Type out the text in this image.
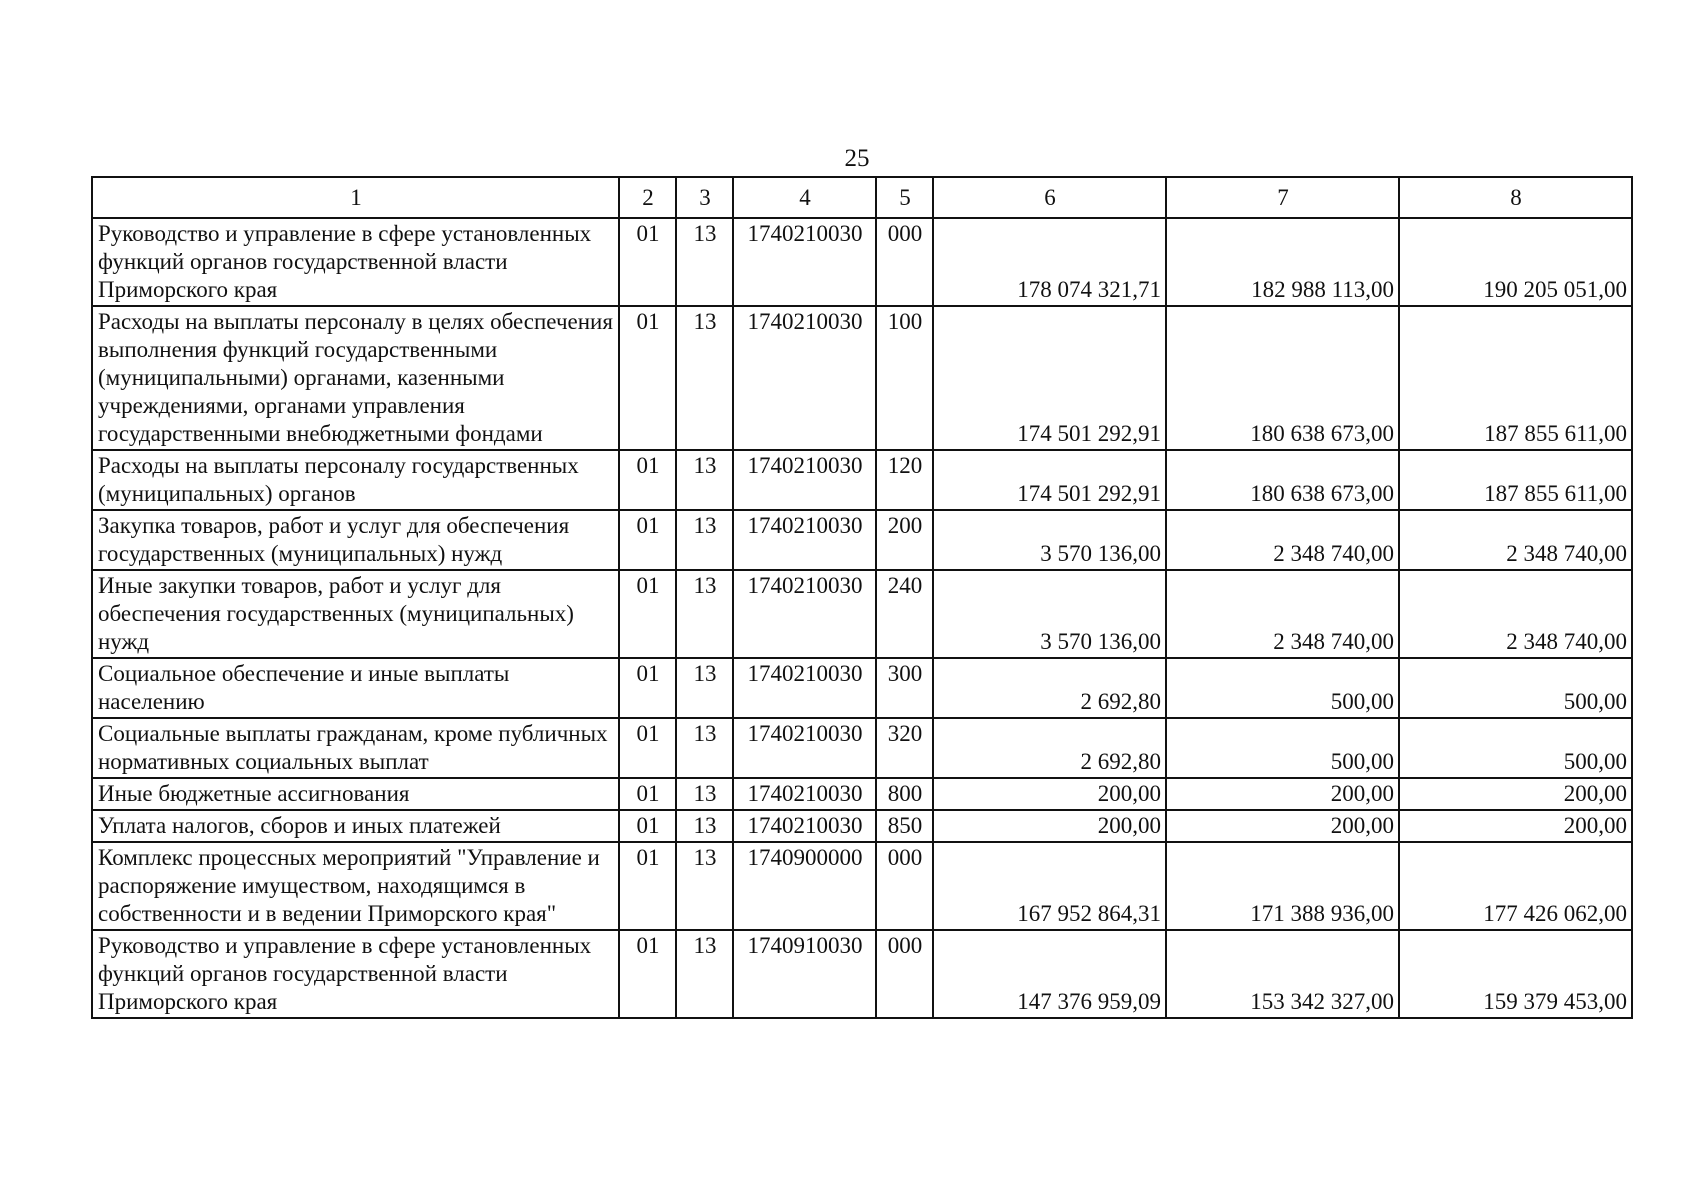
25
1	2	3	4	5	6	7	8
Руководство и управление в сфере установленных функций органов государственной власти Приморского края	01	13	1740210030	000	178 074 321,71	182 988 113,00	190 205 051,00
Расходы на выплаты персоналу в целях обеспечения выполнения функций государственными (муниципальными) органами, казенными учреждениями, органами управления государственными внебюджетными фондами	01	13	1740210030	100	174 501 292,91	180 638 673,00	187 855 611,00
Расходы на выплаты персоналу государственных (муниципальных) органов	01	13	1740210030	120	174 501 292,91	180 638 673,00	187 855 611,00
Закупка товаров, работ и услуг для обеспечения государственных (муниципальных) нужд	01	13	1740210030	200	3 570 136,00	2 348 740,00	2 348 740,00
Иные закупки товаров, работ и услуг для обеспечения государственных (муниципальных) нужд	01	13	1740210030	240	3 570 136,00	2 348 740,00	2 348 740,00
Социальное обеспечение и иные выплаты населению	01	13	1740210030	300	2 692,80	500,00	500,00
Социальные выплаты гражданам, кроме публичных нормативных социальных выплат	01	13	1740210030	320	2 692,80	500,00	500,00
Иные бюджетные ассигнования	01	13	1740210030	800	200,00	200,00	200,00
Уплата налогов, сборов и иных платежей	01	13	1740210030	850	200,00	200,00	200,00
Комплекс процессных мероприятий "Управление и распоряжение имуществом, находящимся в собственности и в ведении Приморского края"	01	13	1740900000	000	167 952 864,31	171 388 936,00	177 426 062,00
Руководство и управление в сфере установленных функций органов государственной власти Приморского края	01	13	1740910030	000	147 376 959,09	153 342 327,00	159 379 453,00
